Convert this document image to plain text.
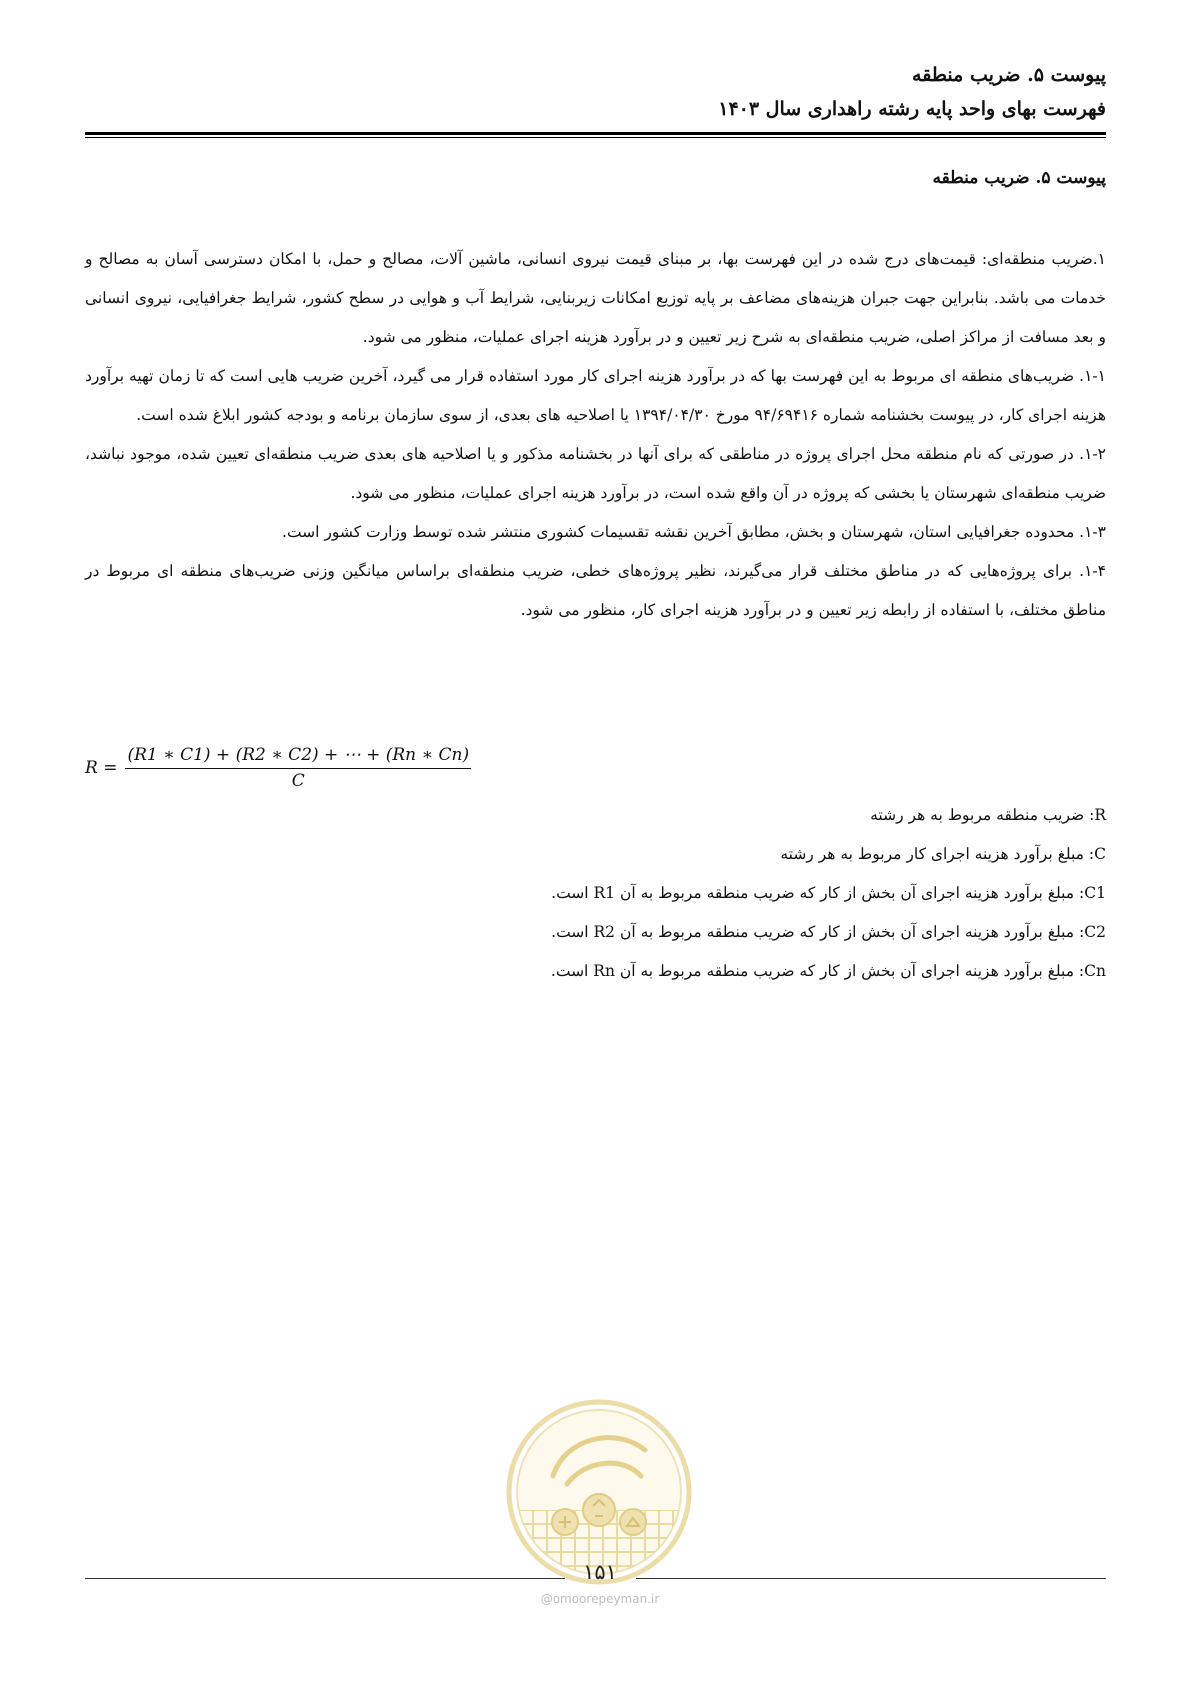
پیوست ۵. ضریب منطقه
فهرست بهای واحد پایه رشته راهداری سال ۱۴۰۳
پیوست ۵. ضریب منطقه

۱.ضریب منطقه‌ای: قیمت‌های درج شده در این فهرست بها، بر مبنای قیمت نیروی انسانی، ماشین آلات، مصالح و حمل، با امکان دسترسی آسان به مصالح و خدمات می باشد. بنابراین جهت جبران هزینه‌های مضاعف بر پایه توزیع امکانات زیربنایی، شرایط آب و هوایی در سطح کشور، شرایط جغرافیایی، نیروی انسانی و بعد مسافت از مراکز اصلی، ضریب منطقه‌ای به شرح زیر تعیین و در برآورد هزینه اجرای عملیات، منظور می شود.

۱-۱. ضریب‌های منطقه ای مربوط به این فهرست بها که در برآورد هزینه اجرای کار مورد استفاده قرار می گیرد، آخرین ضریب هایی است که تا زمان تهیه برآورد هزینه اجرای کار، در پیوست بخشنامه شماره ۹۴/۶۹۴۱۶ مورخ ۱۳۹۴/۰۴/۳۰ یا اصلاحیه های بعدی، از سوی سازمان برنامه و بودجه کشور ابلاغ شده است.

۱-۲. در صورتی که نام منطقه محل اجرای پروژه در مناطقی که برای آنها در بخشنامه مذکور و یا اصلاحیه های بعدی ضریب منطقه‌ای تعیین شده، موجود نباشد، ضریب منطقه‌ای شهرستان یا بخشی که پروژه در آن واقع شده است، در برآورد هزینه اجرای عملیات، منظور می شود.

۱-۳. محدوده جغرافیایی استان، شهرستان و بخش، مطابق آخرین نقشه تقسیمات کشوری منتشر شده توسط وزارت کشور است.

۱-۴. برای پروژه‌هایی که در مناطق مختلف قرار می‌گیرند، نظیر پروژه‌های خطی، ضریب منطقه‌ای براساس میانگین وزنی ضریب‌های منطقه ای مربوط در مناطق مختلف، با استفاده از رابطه زیر تعیین و در برآورد هزینه اجرای کار، منظور می شود.

$R = \frac{(R1 ∗ C1) + (R2 ∗ C2) + \cdots + (Rn ∗ Cn)}{C}$
R: ضریب منطقه مربوط به هر رشته
C: مبلغ برآورد هزینه اجرای کار مربوط به هر رشته
C1: مبلغ برآورد هزینه اجرای آن بخش از کار که ضریب منطقه مربوط به آن R1 است.
C2: مبلغ برآورد هزینه اجرای آن بخش از کار که ضریب منطقه مربوط به آن R2 است.
Cn: مبلغ برآورد هزینه اجرای آن بخش از کار که ضریب منطقه مربوط به آن Rn است.
۱۵۱
@omoorepeyman.ir
